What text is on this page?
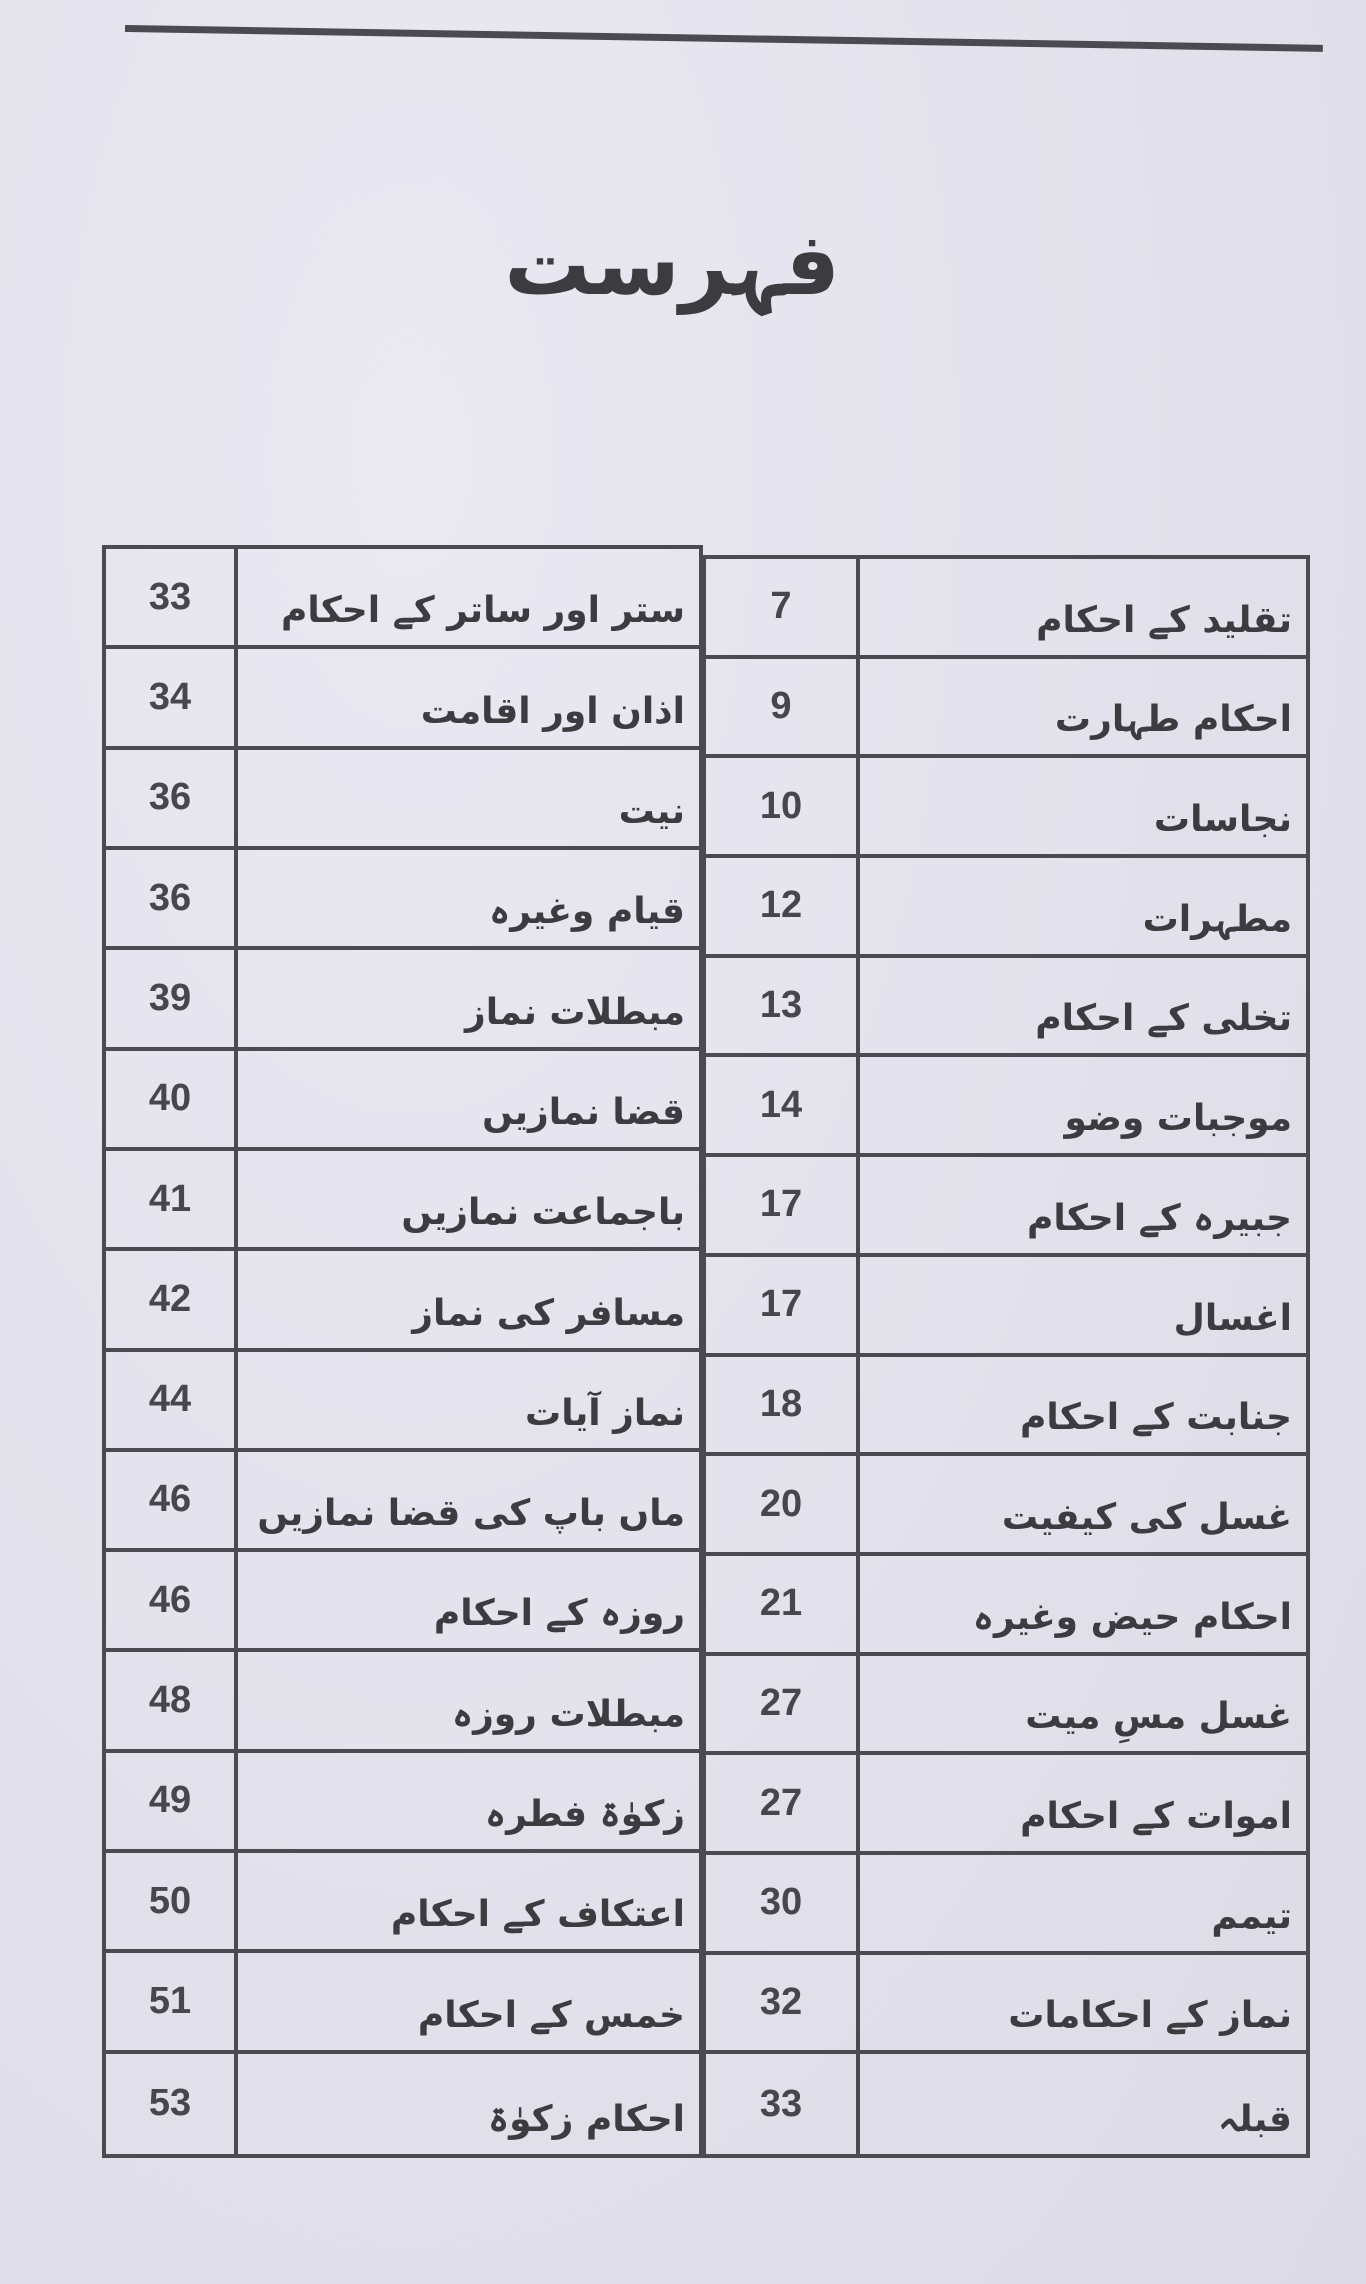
فہرست
7	تقلید کے احکام
9	احکام طہارت
10	نجاسات
12	مطہرات
13	تخلی کے احکام
14	موجبات وضو
17	جبیرہ کے احکام
17	اغسال
18	جنابت کے احکام
20	غسل کی کیفیت
21	احکام حیض وغیرہ
27	غسل مسِ میت
27	اموات کے احکام
30	تیمم
32	نماز کے احکامات
33	قبلہ
33	ستر اور ساتر کے احکام
34	اذان اور اقامت
36	نیت
36	قیام وغیرہ
39	مبطلات نماز
40	قضا نمازیں
41	باجماعت نمازیں
42	مسافر کی نماز
44	نماز آیات
46	ماں باپ کی قضا نمازیں
46	روزہ کے احکام
48	مبطلات روزہ
49	زکوٰۃ فطرہ
50	اعتکاف کے احکام
51	خمس کے احکام
53	احکام زکوٰۃ
